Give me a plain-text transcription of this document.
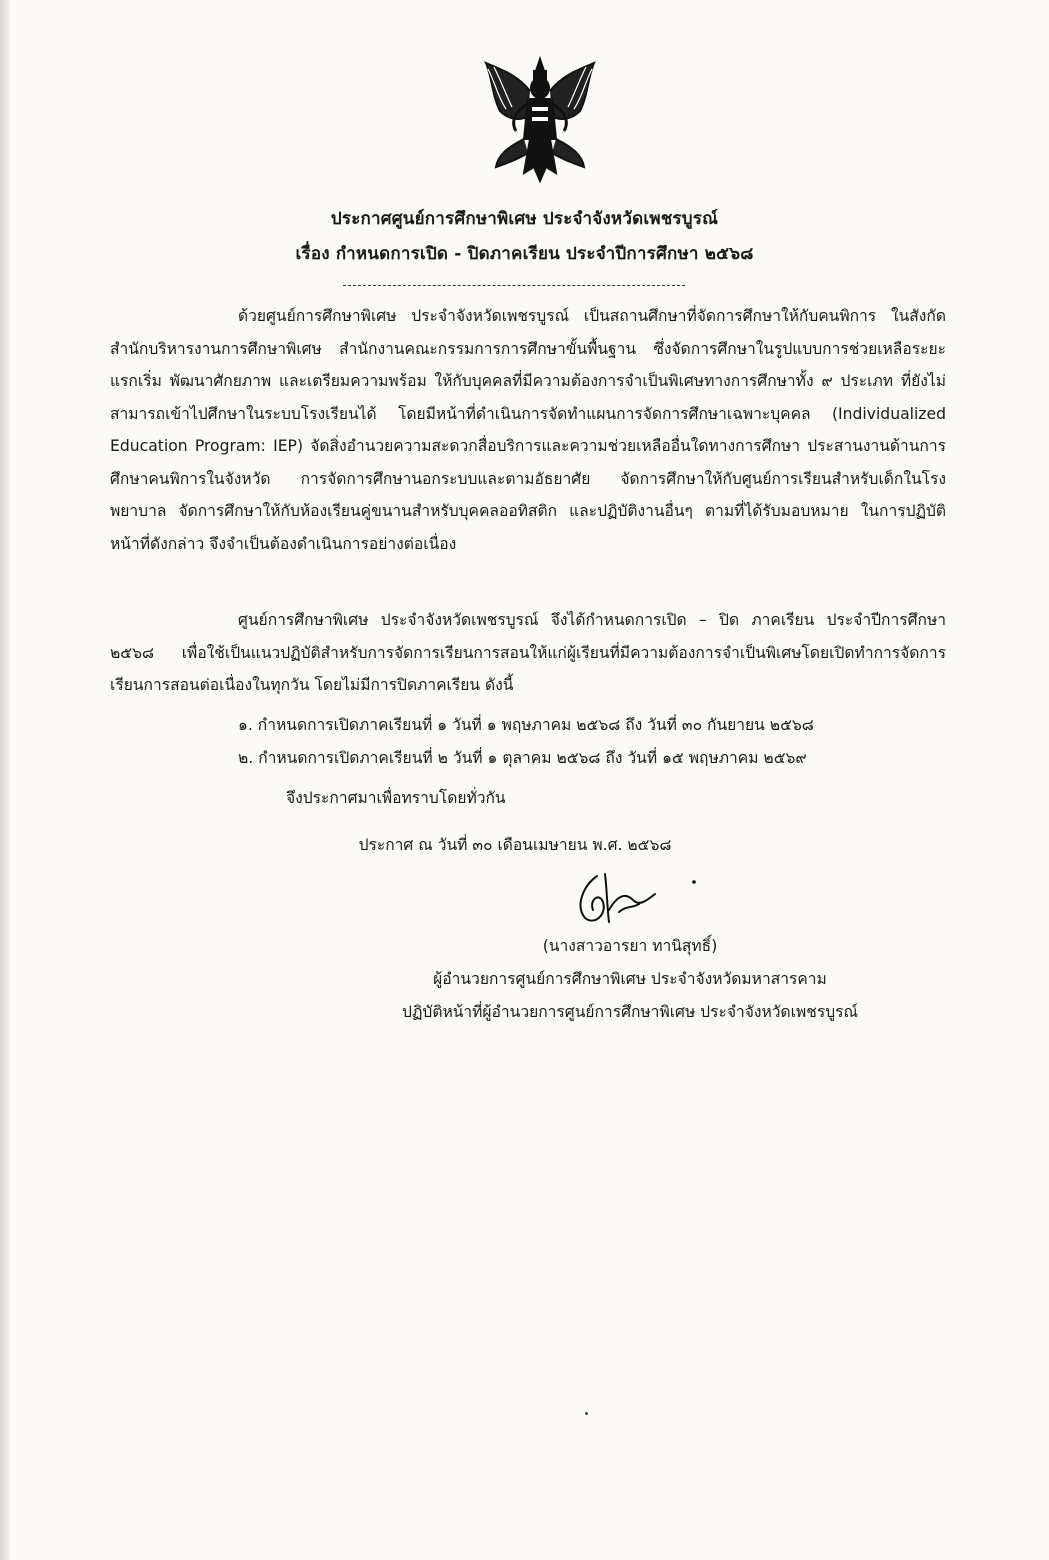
ประกาศศูนย์การศึกษาพิเศษ ประจำจังหวัดเพชรบูรณ์
เรื่อง กำหนดการเปิด - ปิดภาคเรียน ประจำปีการศึกษา ๒๕๖๘

ด้วยศูนย์การศึกษาพิเศษ ประจำจังหวัดเพชรบูรณ์ เป็นสถานศึกษาที่จัดการศึกษาให้กับคนพิการ ในสังกัดสำนักบริหารงานการศึกษาพิเศษ สำนักงานคณะกรรมการการศึกษาขั้นพื้นฐาน ซึ่งจัดการศึกษาในรูปแบบการช่วยเหลือระยะแรกเริ่ม พัฒนาศักยภาพ และเตรียมความพร้อม ให้กับบุคคลที่มีความต้องการจำเป็นพิเศษทางการศึกษาทั้ง ๙ ประเภท ที่ยังไม่สามารถเข้าไปศึกษาในระบบโรงเรียนได้ โดยมีหน้าที่ดำเนินการจัดทำแผนการจัดการศึกษาเฉพาะบุคคล (Individualized Education Program: IEP) จัดสิ่งอำนวยความสะดวกสื่อบริการและความช่วยเหลืออื่นใดทางการศึกษา ประสานงานด้านการศึกษาคนพิการในจังหวัด การจัดการศึกษานอกระบบและตามอัธยาศัย จัดการศึกษาให้กับศูนย์การเรียนสำหรับเด็กในโรงพยาบาล จัดการศึกษาให้กับห้องเรียนคู่ขนานสำหรับบุคคลออทิสติก และปฏิบัติงานอื่นๆ ตามที่ได้รับมอบหมาย ในการปฏิบัติหน้าที่ดังกล่าว จึงจำเป็นต้องดำเนินการอย่างต่อเนื่อง

ศูนย์การศึกษาพิเศษ ประจำจังหวัดเพชรบูรณ์ จึงได้กำหนดการเปิด – ปิด ภาคเรียน ประจำปีการศึกษา ๒๕๖๘ เพื่อใช้เป็นแนวปฏิบัติสำหรับการจัดการเรียนการสอนให้แก่ผู้เรียนที่มีความต้องการจำเป็นพิเศษโดยเปิดทำการจัดการเรียนการสอนต่อเนื่องในทุกวัน โดยไม่มีการปิดภาคเรียน ดังนี้

๑. กำหนดการเปิดภาคเรียนที่ ๑ วันที่ ๑ พฤษภาคม ๒๕๖๘ ถึง วันที่ ๓๐ กันยายน ๒๕๖๘
๒. กำหนดการเปิดภาคเรียนที่ ๒ วันที่ ๑ ตุลาคม ๒๕๖๘ ถึง วันที่ ๑๕ พฤษภาคม ๒๕๖๙
จึงประกาศมาเพื่อทราบโดยทั่วกัน
ประกาศ ณ วันที่ ๓๐ เดือนเมษายน พ.ศ. ๒๕๖๘
(นางสาวอารยา ทานิสุทธิ์)
ผู้อำนวยการศูนย์การศึกษาพิเศษ ประจำจังหวัดมหาสารคาม
ปฏิบัติหน้าที่ผู้อำนวยการศูนย์การศึกษาพิเศษ ประจำจังหวัดเพชรบูรณ์
